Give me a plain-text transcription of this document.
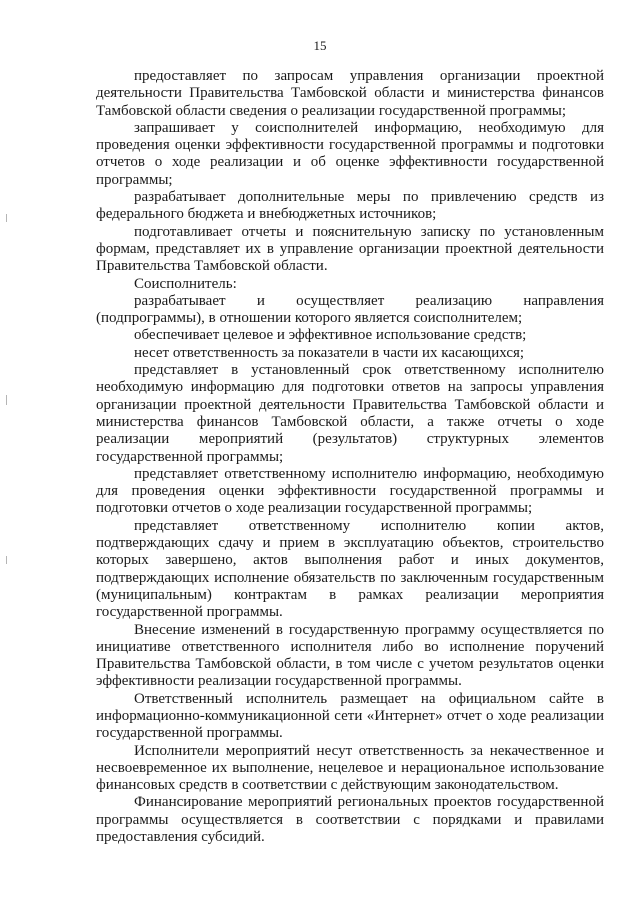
15

предоставляет по запросам управления организации проектной деятельности Правительства Тамбовской области и министерства финансов Тамбовской области сведения о реализации государственной программы;

запрашивает у соисполнителей информацию, необходимую для проведения оценки эффективности государственной программы и подготовки отчетов о ходе реализации и об оценке эффективности государственной программы;

разрабатывает дополнительные меры по привлечению средств из федерального бюджета и внебюджетных источников;

подготавливает отчеты и пояснительную записку по установленным формам, представляет их в управление организации проектной деятельности Правительства Тамбовской области.

Соисполнитель:

разрабатывает и осуществляет реализацию направления (подпрограммы), в отношении которого является соисполнителем;

обеспечивает целевое и эффективное использование средств;

несет ответственность за показатели в части их касающихся;

представляет в установленный срок ответственному исполнителю необходимую информацию для подготовки ответов на запросы управления организации проектной деятельности Правительства Тамбовской области и министерства финансов Тамбовской области, а также отчеты о ходе реализации мероприятий (результатов) структурных элементов государственной программы;

представляет ответственному исполнителю информацию, необходимую для проведения оценки эффективности государственной программы и подготовки отчетов о ходе реализации государственной программы;

представляет ответственному исполнителю копии актов, подтверждающих сдачу и прием в эксплуатацию объектов, строительство которых завершено, актов выполнения работ и иных документов, подтверждающих исполнение обязательств по заключенным государственным (муниципальным) контрактам в рамках реализации мероприятия государственной программы.

Внесение изменений в государственную программу осуществляется по инициативе ответственного исполнителя либо во исполнение поручений Правительства Тамбовской области, в том числе с учетом результатов оценки эффективности реализации государственной программы.

Ответственный исполнитель размещает на официальном сайте в информационно-коммуникационной сети «Интернет» отчет о ходе реализации государственной программы.

Исполнители мероприятий несут ответственность за некачественное и несвоевременное их выполнение, нецелевое и нерациональное использование финансовых средств в соответствии с действующим законодательством.

Финансирование мероприятий региональных проектов государственной программы осуществляется в соответствии с порядками и правилами предоставления субсидий.
